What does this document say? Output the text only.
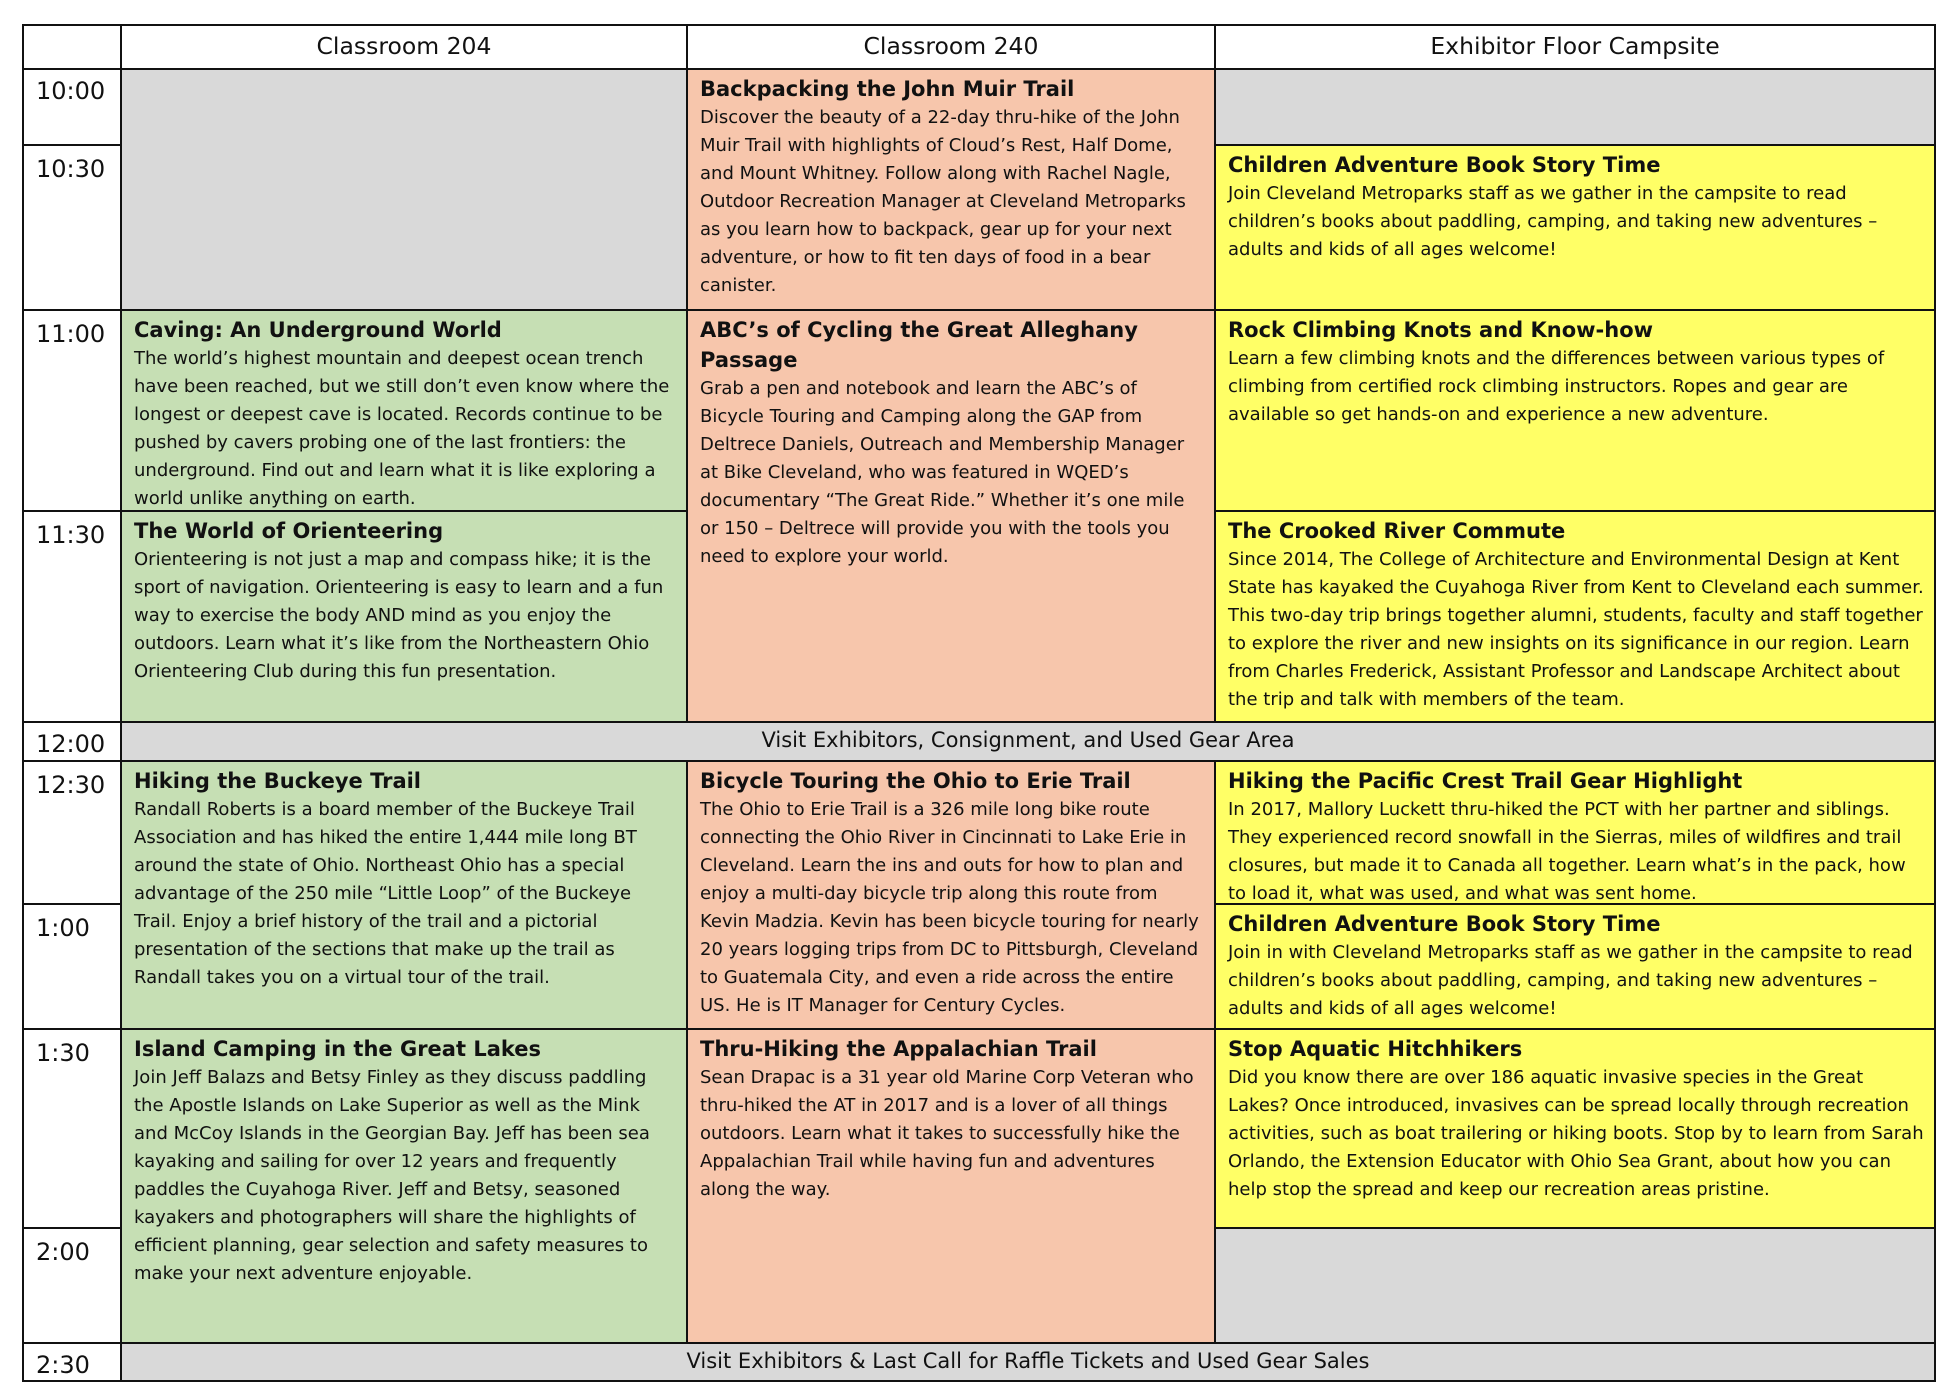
Classroom 204	Classroom 240	Exhibitor Floor Campsite
10:00
10:30
11:00
11:30
12:00
12:30
1:00
1:30
2:00
2:30
Caving: An Underground World
The world’s highest mountain and deepest ocean trench have been reached, but we still don’t even know where the longest or deepest cave is located. Records continue to be pushed by cavers probing one of the last frontiers: the underground. Find out and learn what it is like exploring a world unlike anything on earth.
The World of Orienteering
Orienteering is not just a map and compass hike; it is the sport of navigation. Orienteering is easy to learn and a fun way to exercise the body AND mind as you enjoy the outdoors. Learn what it’s like from the Northeastern Ohio Orienteering Club during this fun presentation.
Hiking the Buckeye Trail
Randall Roberts is a board member of the Buckeye Trail Association and has hiked the entire 1,444 mile long BT around the state of Ohio. Northeast Ohio has a special advantage of the 250 mile “Little Loop” of the Buckeye Trail. Enjoy a brief history of the trail and a pictorial presentation of the sections that make up the trail as Randall takes you on a virtual tour of the trail.
Island Camping in the Great Lakes
Join Jeff Balazs and Betsy Finley as they discuss paddling the Apostle Islands on Lake Superior as well as the Mink and McCoy Islands in the Georgian Bay. Jeff has been sea kayaking and sailing for over 12 years and frequently paddles the Cuyahoga River. Jeff and Betsy, seasoned kayakers and photographers will share the highlights of efficient planning, gear selection and safety measures to make your next adventure enjoyable.
Backpacking the John Muir Trail
Discover the beauty of a 22-day thru-hike of the John Muir Trail with highlights of Cloud’s Rest, Half Dome, and Mount Whitney. Follow along with Rachel Nagle, Outdoor Recreation Manager at Cleveland Metroparks as you learn how to backpack, gear up for your next adventure, or how to fit ten days of food in a bear canister.
ABC’s of Cycling the Great Alleghany Passage
Grab a pen and notebook and learn the ABC’s of Bicycle Touring and Camping along the GAP from Deltrece Daniels, Outreach and Membership Manager at Bike Cleveland, who was featured in WQED’s documentary “The Great Ride.” Whether it’s one mile or 150 – Deltrece will provide you with the tools you need to explore your world.
Bicycle Touring the Ohio to Erie Trail
The Ohio to Erie Trail is a 326 mile long bike route connecting the Ohio River in Cincinnati to Lake Erie in Cleveland. Learn the ins and outs for how to plan and enjoy a multi-day bicycle trip along this route from Kevin Madzia. Kevin has been bicycle touring for nearly 20 years logging trips from DC to Pittsburgh, Cleveland to Guatemala City, and even a ride across the entire US. He is IT Manager for Century Cycles.
Thru-Hiking the Appalachian Trail
Sean Drapac is a 31 year old Marine Corp Veteran who thru-hiked the AT in 2017 and is a lover of all things outdoors. Learn what it takes to successfully hike the Appalachian Trail while having fun and adventures along the way.
Children Adventure Book Story Time
Join Cleveland Metroparks staff as we gather in the campsite to read children’s books about paddling, camping, and taking new adventures – adults and kids of all ages welcome!
Rock Climbing Knots and Know-how
Learn a few climbing knots and the differences between various types of climbing from certified rock climbing instructors. Ropes and gear are available so get hands-on and experience a new adventure.
The Crooked River Commute
Since 2014, The College of Architecture and Environmental Design at Kent State has kayaked the Cuyahoga River from Kent to Cleveland each summer. This two-day trip brings together alumni, students, faculty and staff together to explore the river and new insights on its significance in our region. Learn from Charles Frederick, Assistant Professor and Landscape Architect about the trip and talk with members of the team.
Hiking the Pacific Crest Trail Gear Highlight
In 2017, Mallory Luckett thru-hiked the PCT with her partner and siblings. They experienced record snowfall in the Sierras, miles of wildfires and trail closures, but made it to Canada all together. Learn what’s in the pack, how to load it, what was used, and what was sent home.
Children Adventure Book Story Time
Join in with Cleveland Metroparks staff as we gather in the campsite to read children’s books about paddling, camping, and taking new adventures – adults and kids of all ages welcome!
Stop Aquatic Hitchhikers
Did you know there are over 186 aquatic invasive species in the Great Lakes? Once introduced, invasives can be spread locally through recreation activities, such as boat trailering or hiking boots. Stop by to learn from Sarah Orlando, the Extension Educator with Ohio Sea Grant, about how you can help stop the spread and keep our recreation areas pristine.
Visit Exhibitors, Consignment, and Used Gear Area
Visit Exhibitors & Last Call for Raffle Tickets and Used Gear Sales
